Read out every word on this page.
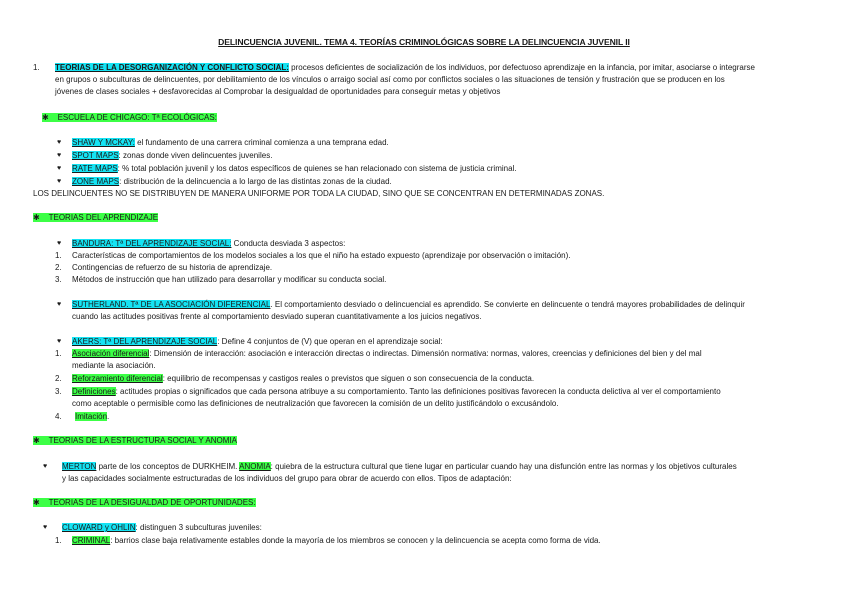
DELINCUENCIA JUVENIL. TEMA 4. TEORÍAS CRIMINOLÓGICAS SOBRE LA DELINCUENCIA JUVENIL II
1.	TEORIAS DE LA DESORGANIZACIÓN Y CONFLICTO SOCIAL: procesos deficientes de socialización de los individuos, por defectuoso aprendizaje en la infancia, por imitar, asociarse o integrarse
en grupos o subculturas de delincuentes, por debilitamiento de los vínculos o arraigo social así como por conflictos sociales o las situaciones de tensión y frustración que se producen en los
jóvenes de clases sociales + desfavorecidas al Comprobar la desigualdad de oportunidades para conseguir metas y objetivos
✱ ESCUELA DE CHICAGO: Tª ECOLÓGICAS:
♥ SHAW Y MCKAY: el fundamento de una carrera criminal comienza a una temprana edad.
♥ SPOT MAPS: zonas donde viven delincuentes juveniles.
♥ RATE MAPS: % total población juvenil y los datos específicos de quienes se han relacionado con sistema de justicia criminal.
♥ ZONE MAPS: distribución de la delincuencia a lo largo de las distintas zonas de la ciudad.
LOS DELINCUENTES NO SE DISTRIBUYEN DE MANERA UNIFORME POR TODA LA CIUDAD, SINO QUE SE CONCENTRAN EN DETERMINADAS ZONAS.
✱ TEORIAS DEL APRENDIZAJE
♥ BANDURA: Tª DEL APRENDIZAJE SOCIAL: Conducta desviada 3 aspectos:
1.	Características de comportamientos de los modelos sociales a los que el niño ha estado expuesto (aprendizaje por observación o imitación).
2.	Contingencias de refuerzo de su historia de aprendizaje.
3.	Métodos de instrucción que han utilizado para desarrollar y modificar su conducta social.
♥ SUTHERLAND. Tª DE LA ASOCIACIÓN DIFERENCIAL. El comportamiento desviado o delincuencial es aprendido. Se convierte en delincuente o tendrá mayores probabilidades de delinquir
cuando las actitudes positivas frente al comportamiento desviado superan cuantitativamente a los juicios negativos.
♥ AKERS: Tª DEL APRENDIZAJE SOCIAL: Define 4 conjuntos de (V) que operan en el aprendizaje social:
1.	Asociación diferencial: Dimensión de interacción: asociación e interacción directas o indirectas. Dimensión normativa: normas, valores, creencias y definiciones del bien y del mal
mediante la asociación.
2.	Reforzamiento diferencial: equilibrio de recompensas y castigos reales o previstos que siguen o son consecuencia de la conducta.
3.	Definiciones: actitudes propias o significados que cada persona atribuye a su comportamiento. Tanto las definiciones positivas favorecen la conducta delictiva al ver el comportamiento
como aceptable o permisible como las definiciones de neutralización que favorecen la comisión de un delito justificándolo o excusándolo.
4.	Imitación.
✱ TEORIAS DE LA ESTRUCTURA SOCIAL Y ANOMIA
♥ MERTON parte de los conceptos de DURKHEIM. ANOMIA: quiebra de la estructura cultural que tiene lugar en particular cuando hay una disfunción entre las normas y los objetivos culturales
y las capacidades socialmente estructuradas de los individuos del grupo para obrar de acuerdo con ellos. Tipos de adaptación:
✱ TEORIAS DE LA DESIGUALDAD DE OPORTUNIDADES:
♥ CLOWARD y OHLIN: distinguen 3 subculturas juveniles:
1.	CRIMINAL: barrios clase baja relativamente estables donde la mayoría de los miembros se conocen y la delincuencia se acepta como forma de vida.
